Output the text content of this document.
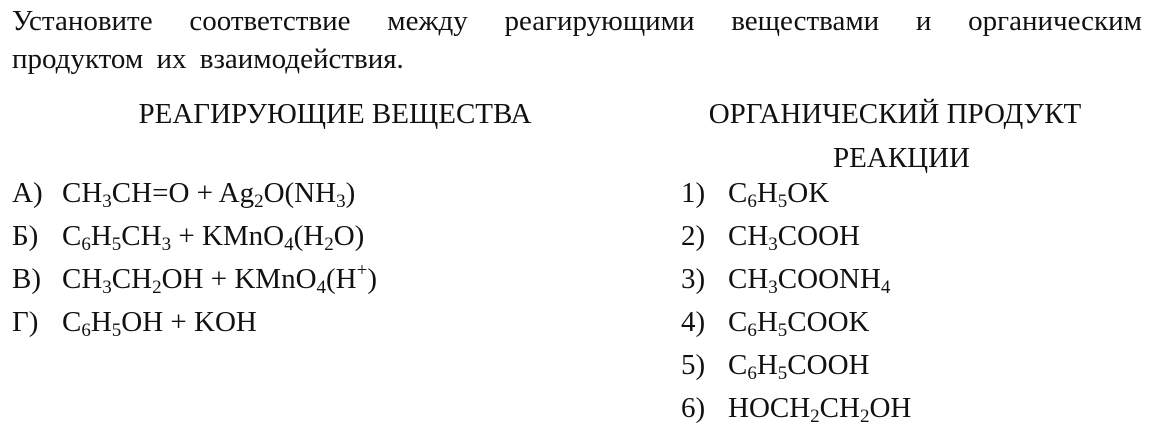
Установите соответствие между реагирующими веществами и органическим продуктом их взаимодействия.
РЕАГИРУЮЩИЕ ВЕЩЕСТВА	ОРГАНИЧЕСКИЙ ПРОДУКТ
РЕАКЦИИ
А) $CH_3CH=O + Ag_2O(NH_3)$
Б) $C_6H_5CH_3$ + $KMnO_4(H_2O)$
В) $CH_3CH_2OH$ + KMnO$_4$(H+)
Г) $C_6H_5OH$ + KOH
1) $C_6H_5OK$
2) $CH_3COOH$
3) $CH_3COONH_4$
4) $C_6H_5COOK$
5) $C_6H_5COOH$
6) $HOCH_2CH_2OH$
